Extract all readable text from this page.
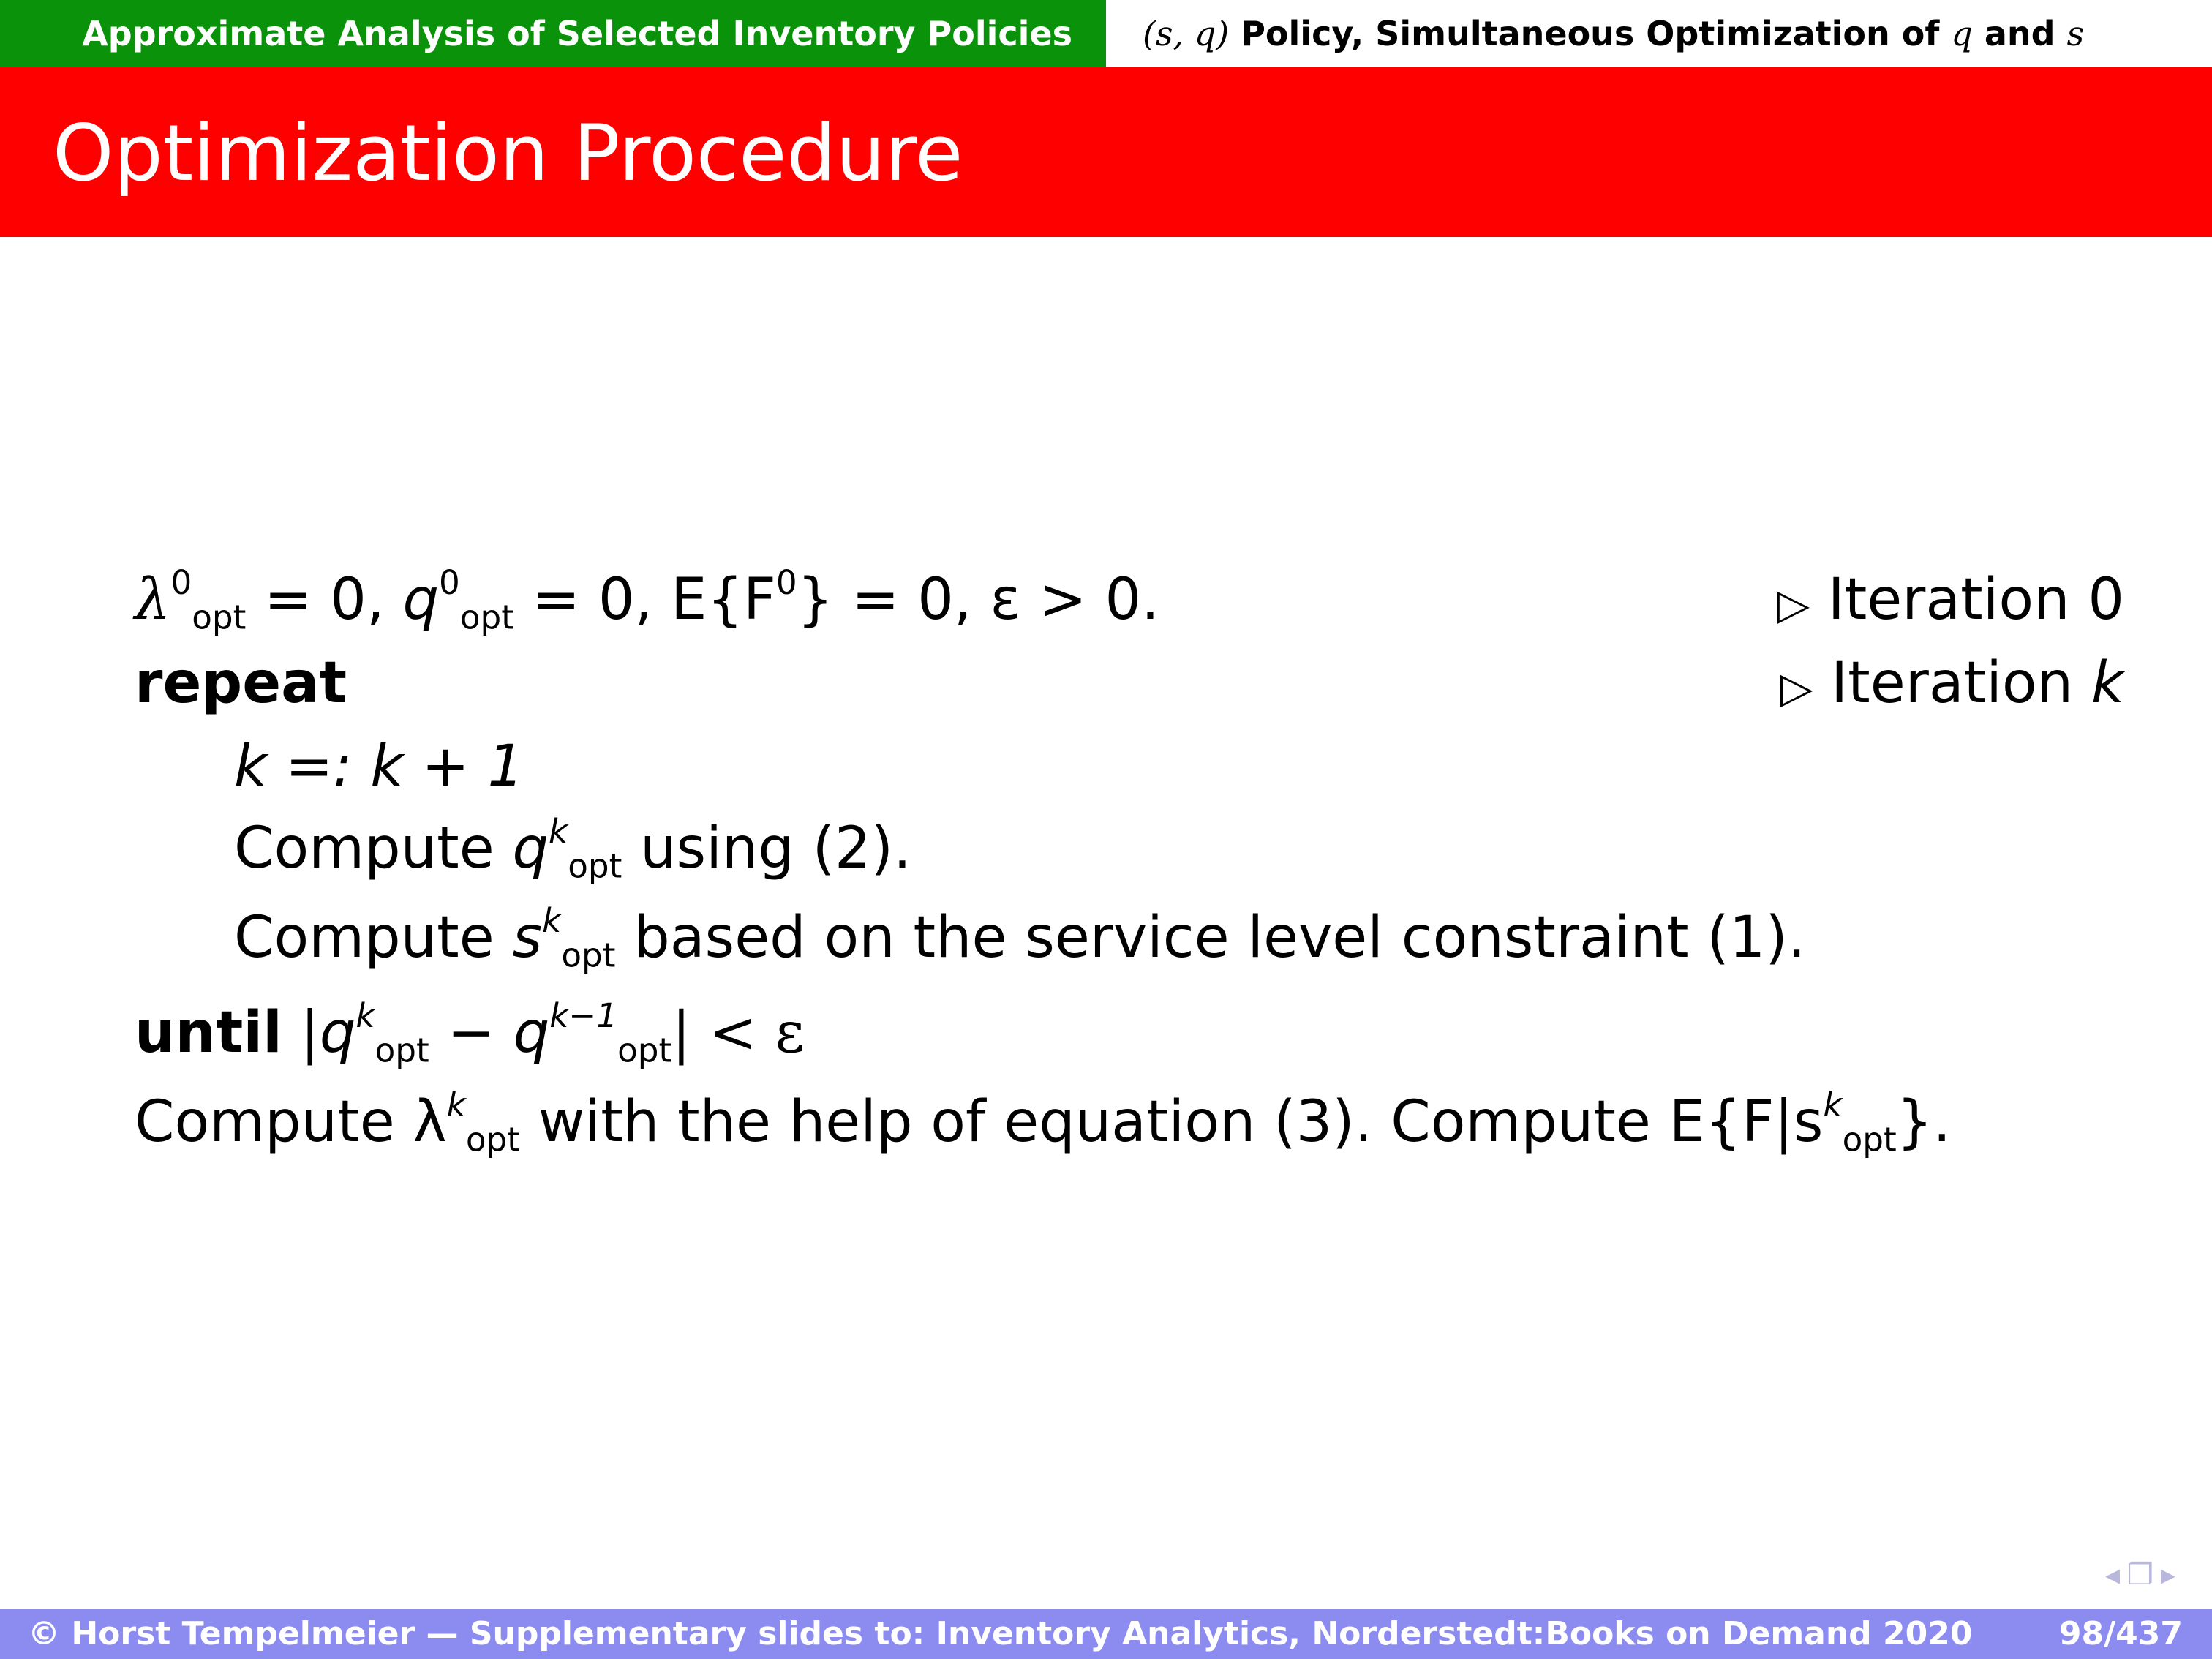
Approximate Analysis of Selected Inventory Policies	(s, q) Policy, Simultaneous Optimization of q and s
Optimization Procedure
$\lambda^0_{opt} = 0$, $q^0_{opt} = 0$, $E\{F^0\} = 0$, ε > 0.	▷ Iteration 0
repeat	▷ Iteration k
k =: k + 1
Compute $q^k_{opt}$ using (2).
Compute $s^k_{opt}$ based on the service level constraint (1).
until $|q^k_{opt} - q^{k-1}_{opt}| < \varepsilon$
Compute $\lambda^k_{opt}$ with the help of equation (3). Compute $E\{F|s^k_{opt}\}$.
◂❐▸
© Horst Tempelmeier — Supplementary slides to: Inventory Analytics, Norderstedt:Books on Demand 2020	98/437
